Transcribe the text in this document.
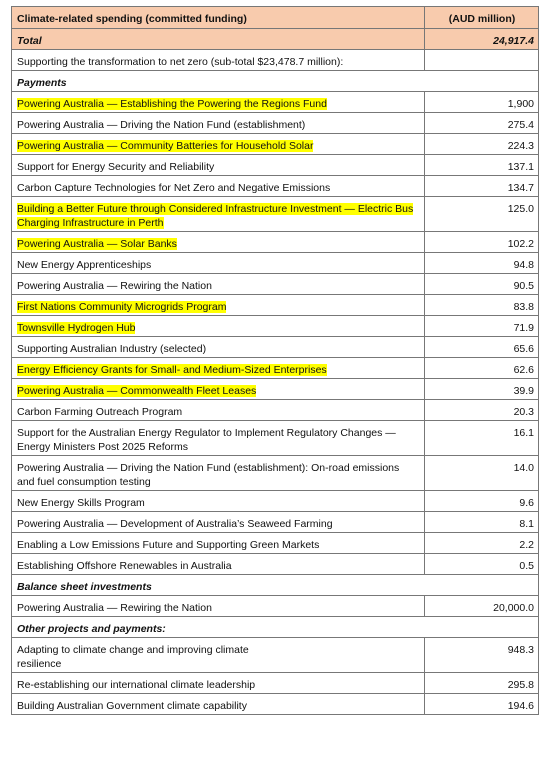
Climate-related spending (committed funding)	(AUD million)
Total	24,917.4
Supporting the transformation to net zero (sub-total $23,478.7 million):	
Payments	
Powering Australia — Establishing the Powering the Regions Fund	1,900
Powering Australia — Driving the Nation Fund (establishment)	275.4
Powering Australia — Community Batteries for Household Solar	224.3
Support for Energy Security and Reliability	137.1
Carbon Capture Technologies for Net Zero and Negative Emissions	134.7
Building a Better Future through Considered Infrastructure Investment — Electric Bus Charging Infrastructure in Perth	125.0
Powering Australia — Solar Banks	102.2
New Energy Apprenticeships	94.8
Powering Australia — Rewiring the Nation	90.5
First Nations Community Microgrids Program	83.8
Townsville Hydrogen Hub	71.9
Supporting Australian Industry (selected)	65.6
Energy Efficiency Grants for Small- and Medium-Sized Enterprises	62.6
Powering Australia — Commonwealth Fleet Leases	39.9
Carbon Farming Outreach Program	20.3
Support for the Australian Energy Regulator to Implement Regulatory Changes — Energy Ministers Post 2025 Reforms	16.1
Powering Australia — Driving the Nation Fund (establishment): On-road emissions and fuel consumption testing	14.0
New Energy Skills Program	9.6
Powering Australia — Development of Australia’s Seaweed Farming	8.1
Enabling a Low Emissions Future and Supporting Green Markets	2.2
Establishing Offshore Renewables in Australia	0.5
Balance sheet investments	
Powering Australia — Rewiring the Nation	20,000.0
Other projects and payments:	
Adapting to climate change and improving climate resilience	948.3
Re-establishing our international climate leadership	295.8
Building Australian Government climate capability	194.6
